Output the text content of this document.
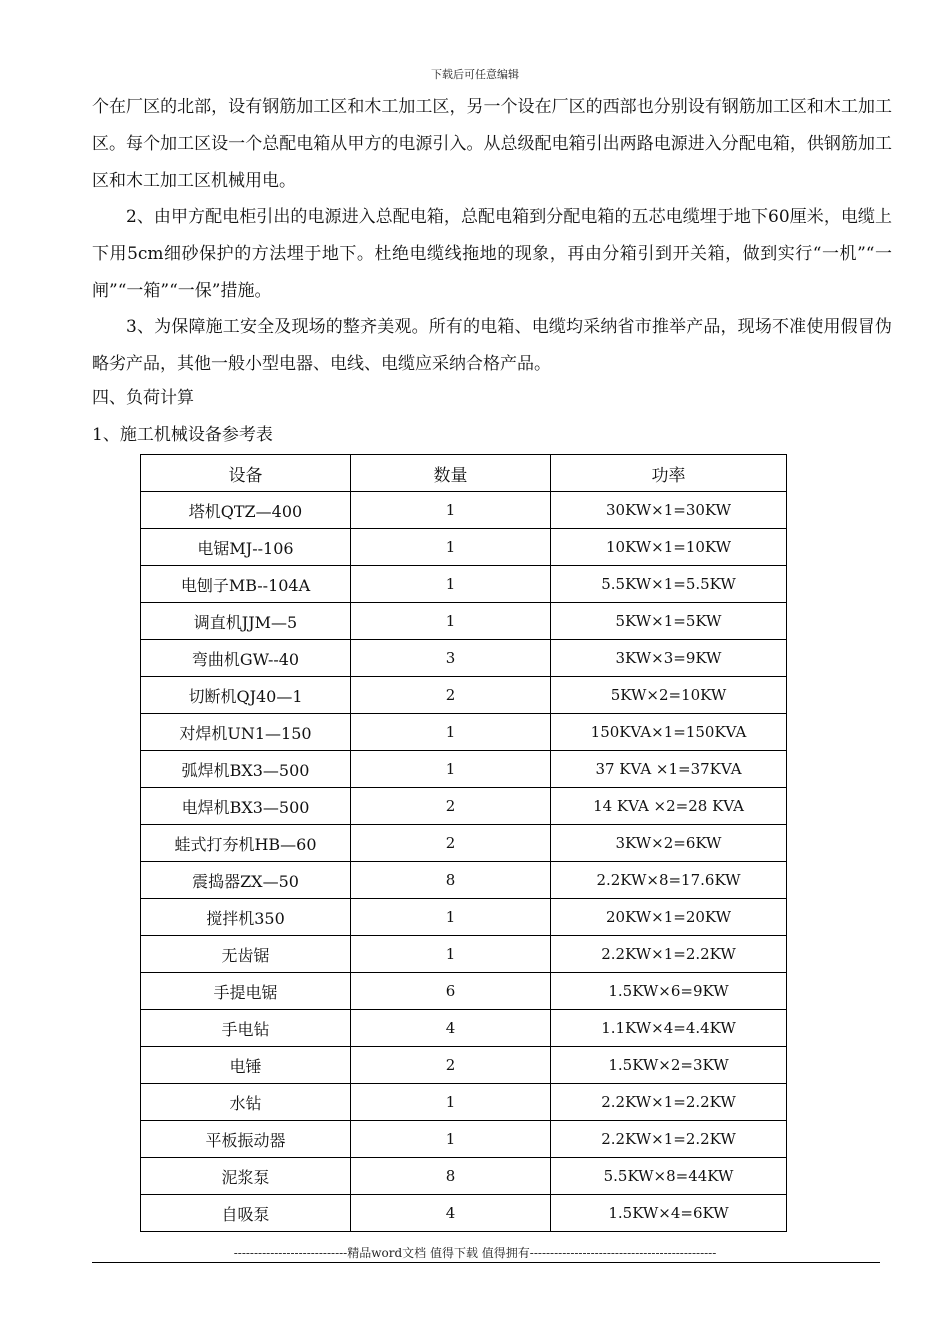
下载后可任意编辑

个在厂区的北部，设有钢筋加工区和木工加工区，另一个设在厂区的西部也分别设有钢筋加工区和木工加工区。每个加工区设一个总配电箱从甲方的电源引入。从总级配电箱引出两路电源进入分配电箱，供钢筋加工区和木工加工区机械用电。

2、由甲方配电柜引出的电源进入总配电箱，总配电箱到分配电箱的五芯电缆埋于地下60厘米，电缆上下用5cm细砂保护的方法埋于地下。杜绝电缆线拖地的现象，再由分箱引到开关箱，做到实行“一机”“一闸”“一箱”“一保”措施。

3、为保障施工安全及现场的整齐美观。所有的电箱、电缆均采纳省市推举产品，现场不准使用假冒伪略劣产品，其他一般小型电器、电线、电缆应采纳合格产品。

四、负荷计算
1、施工机械设备参考表
设备	数量	功率
塔机QTZ—400	1	30KW×1=30KW
电锯MJ--106	1	10KW×1=10KW
电刨子MB--104A	1	5.5KW×1=5.5KW
调直机JJM—5	1	5KW×1=5KW
弯曲机GW--40	3	3KW×3=9KW
切断机QJ40—1	2	5KW×2=10KW
对焊机UN1—150	1	150KVA×1=150KVA
弧焊机BX3—500	1	37 KVA ×1=37KVA
电焊机BX3—500	2	14 KVA ×2=28 KVA
蛙式打夯机HB—60	2	3KW×2=6KW
震捣器ZX—50	8	2.2KW×8=17.6KW
搅拌机350	1	20KW×1=20KW
无齿锯	1	2.2KW×1=2.2KW
手提电锯	6	1.5KW×6=9KW
手电钻	4	1.1KW×4=4.4KW
电锤	2	1.5KW×2=3KW
水钻	1	2.2KW×1=2.2KW
平板振动器	1	2.2KW×1=2.2KW
泥浆泵	8	5.5KW×8=44KW
自吸泵	4	1.5KW×4=6KW
----------------------------精品word文档 值得下载 值得拥有----------------------------------------------
